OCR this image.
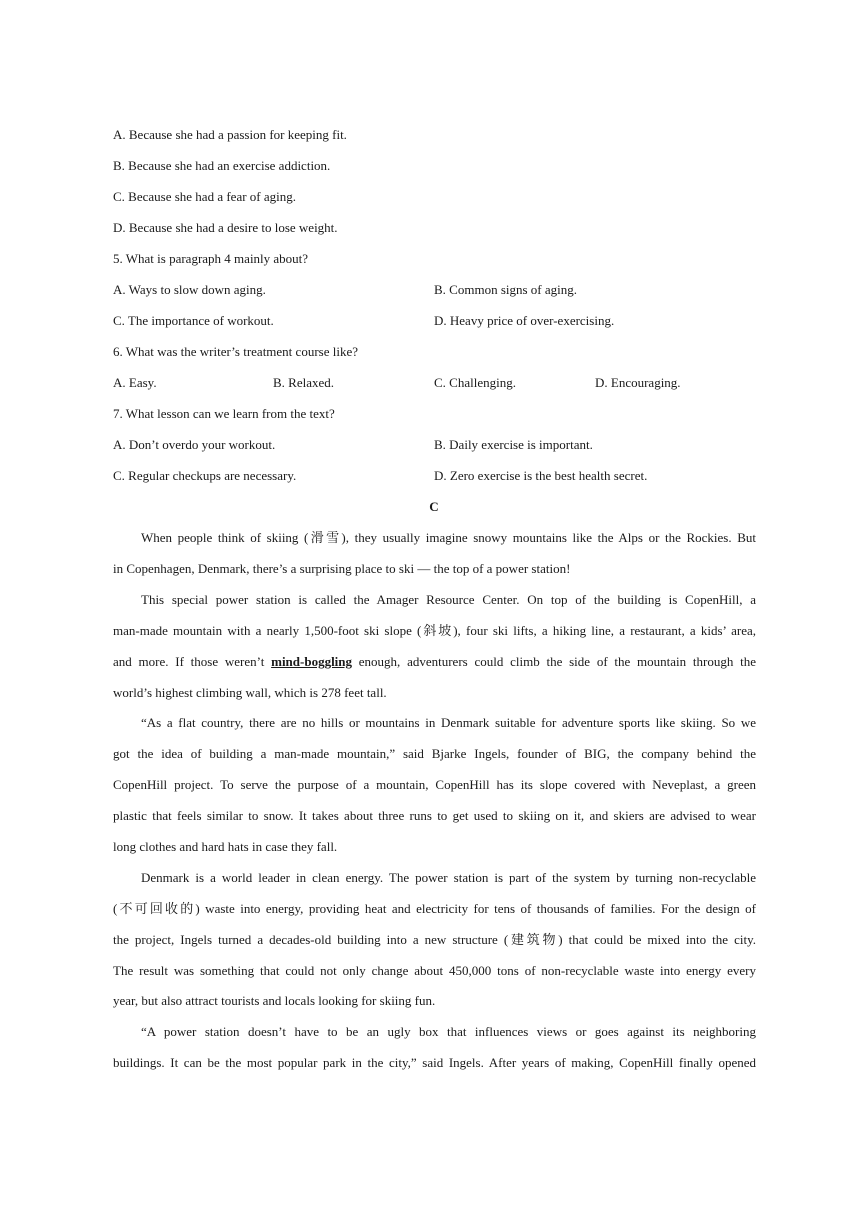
A. Because she had a passion for keeping fit.
B. Because she had an exercise addiction.
C. Because she had a fear of aging.
D. Because she had a desire to lose weight.
5. What is paragraph 4 mainly about?
A. Ways to slow down aging.	B. Common signs of aging.
C. The importance of workout.	D. Heavy price of over-exercising.
6. What was the writer’s treatment course like?
A. Easy.	B. Relaxed.	C. Challenging.	D. Encouraging.
7. What lesson can we learn from the text?
A. Don’t overdo your workout.	B. Daily exercise is important.
C. Regular checkups are necessary.	D. Zero exercise is the best health secret.
C
When people think of skiing (滑雪), they usually imagine snowy mountains like the Alps or the Rockies. But
in Copenhagen, Denmark, there’s a surprising place to ski — the top of a power station!
This special power station is called the Amager Resource Center. On top of the building is CopenHill, a
man-made mountain with a nearly 1,500-foot ski slope (斜坡), four ski lifts, a hiking line, a restaurant, a kids’ area,
and more. If those weren’t mind-boggling enough, adventurers could climb the side of the mountain through the
world’s highest climbing wall, which is 278 feet tall.
“As a flat country, there are no hills or mountains in Denmark suitable for adventure sports like skiing. So we
got the idea of building a man-made mountain,” said Bjarke Ingels, founder of BIG, the company behind the
CopenHill project. To serve the purpose of a mountain, CopenHill has its slope covered with Neveplast, a green
plastic that feels similar to snow. It takes about three runs to get used to skiing on it, and skiers are advised to wear
long clothes and hard hats in case they fall.
Denmark is a world leader in clean energy. The power station is part of the system by turning non-recyclable
(不可回收的) waste into energy, providing heat and electricity for tens of thousands of families. For the design of
the project, Ingels turned a decades-old building into a new structure (建筑物) that could be mixed into the city.
The result was something that could not only change about 450,000 tons of non-recyclable waste into energy every
year, but also attract tourists and locals looking for skiing fun.
“A power station doesn’t have to be an ugly box that influences views or goes against its neighboring
buildings. It can be the most popular park in the city,” said Ingels. After years of making, CopenHill finally opened
